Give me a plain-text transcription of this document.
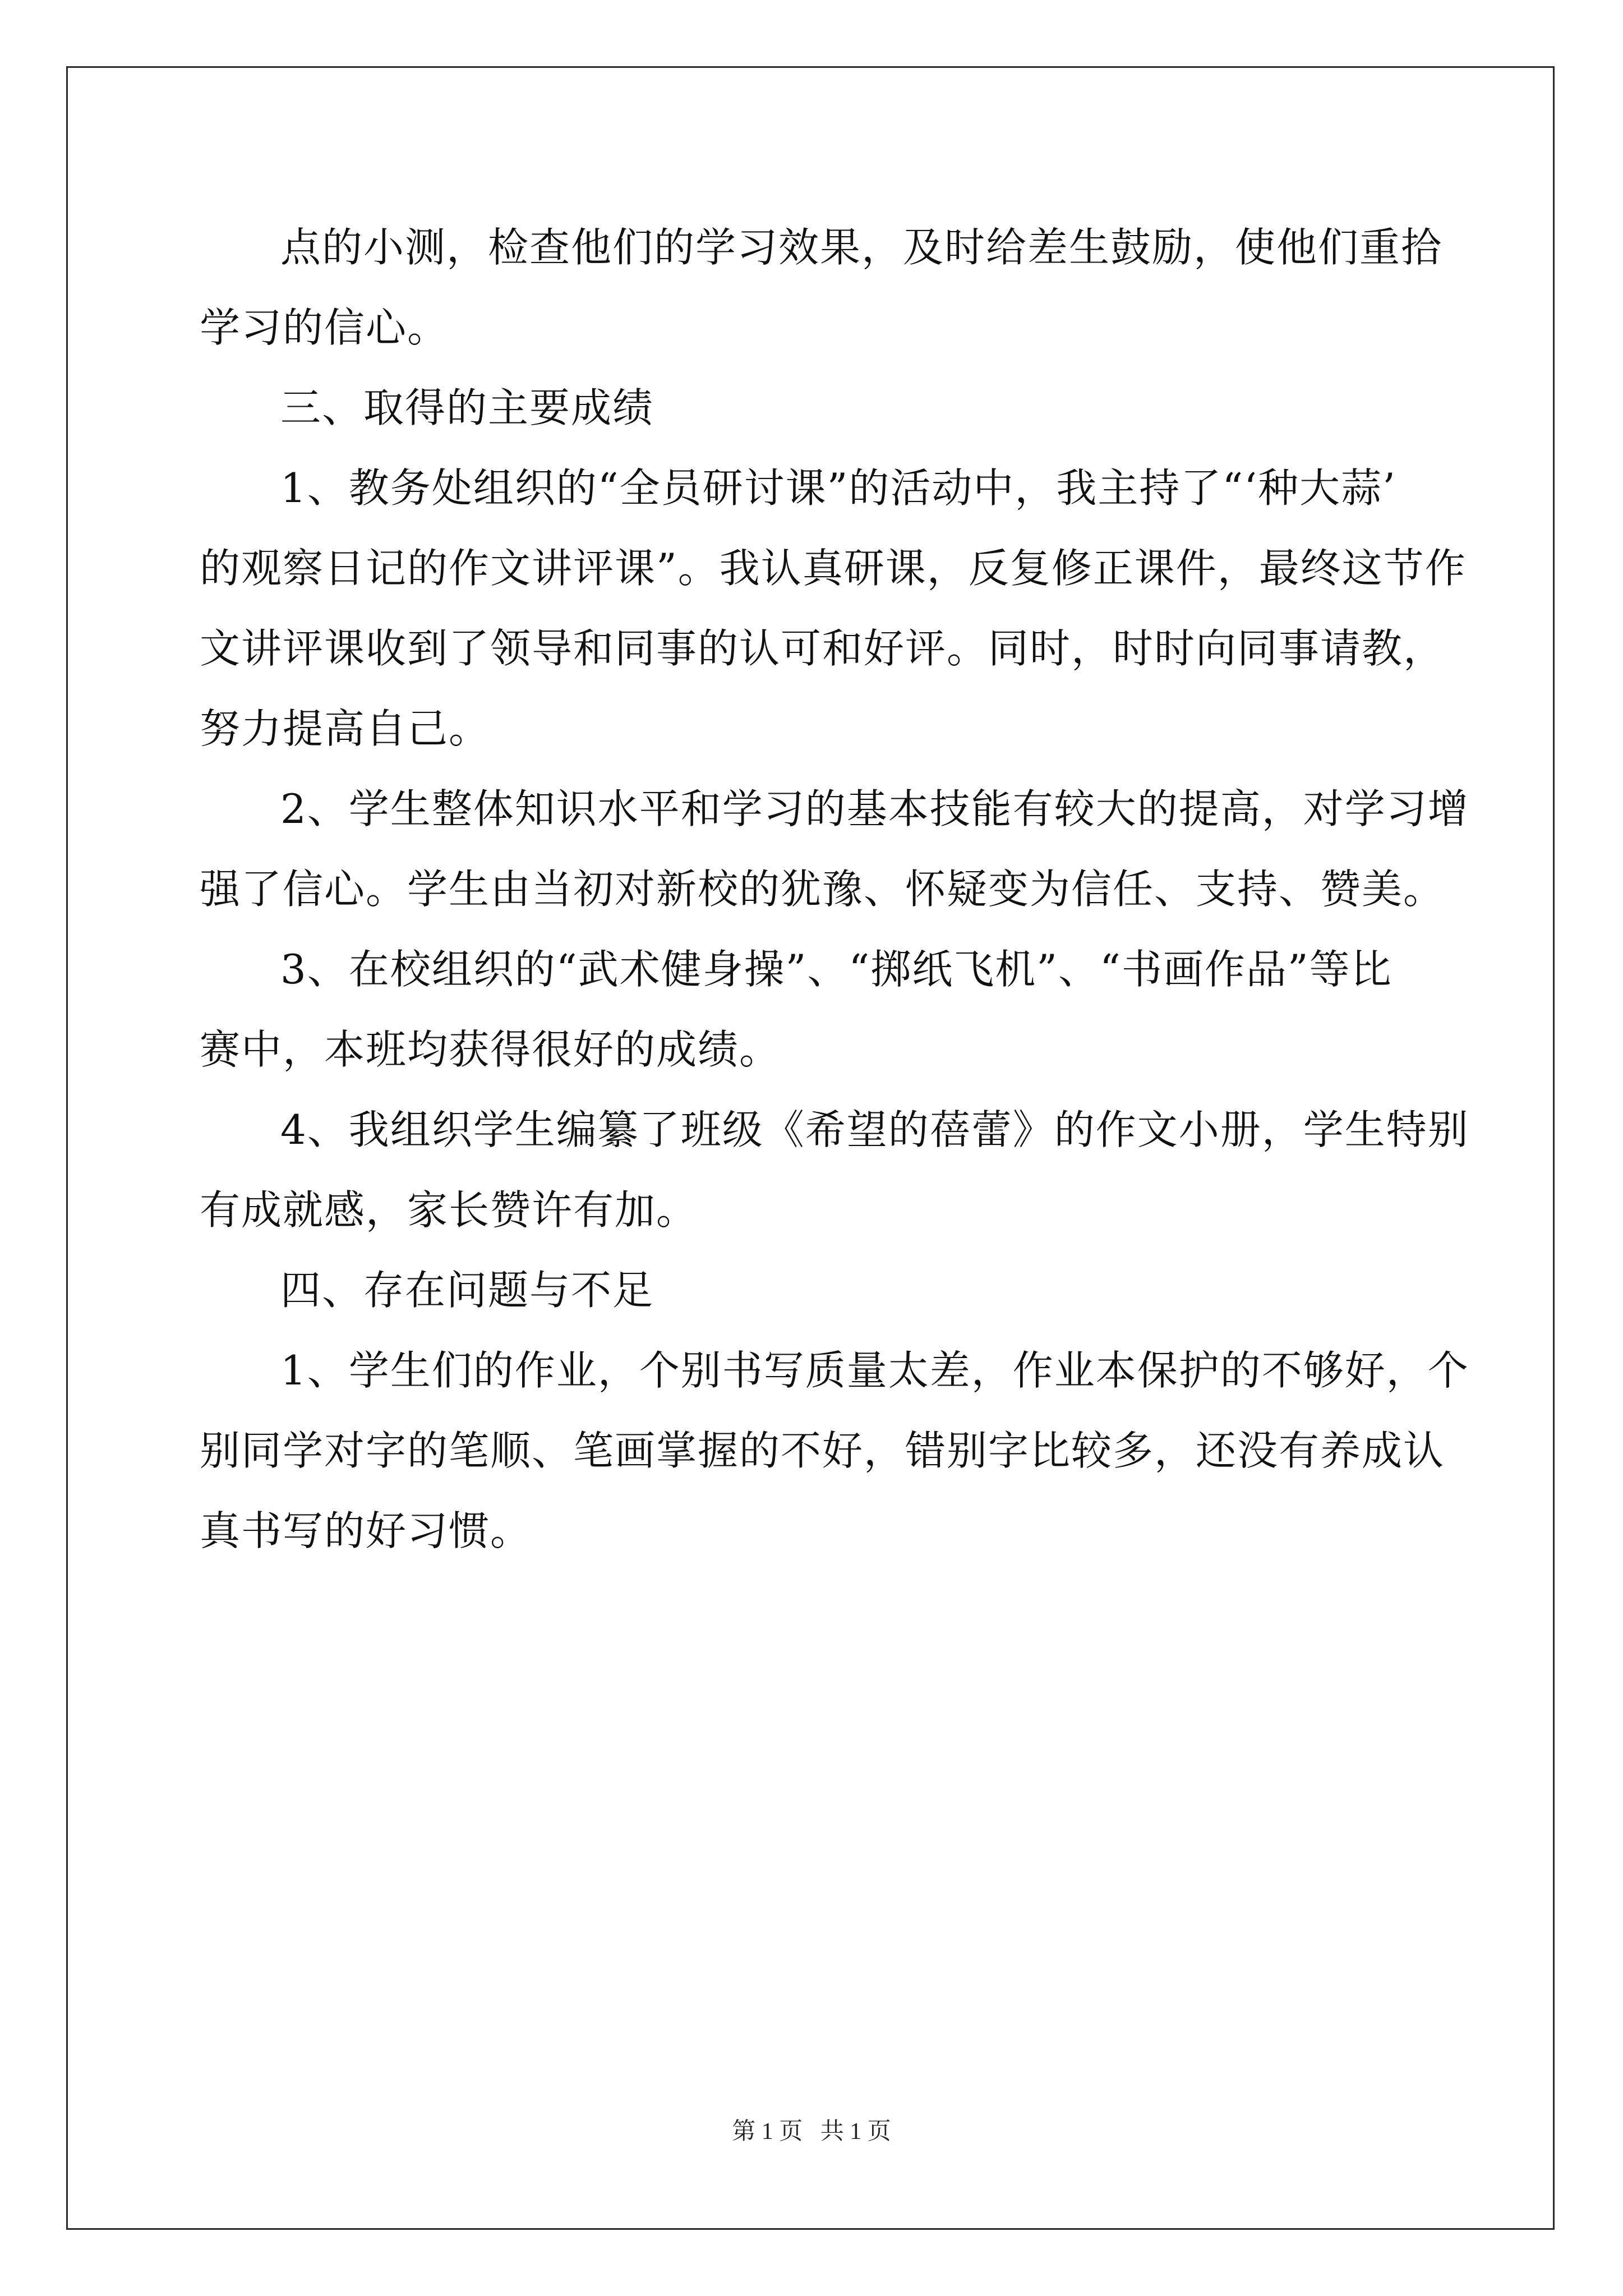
点的小测，检查他们的学习效果，及时给差生鼓励，使他们重拾
学习的信心。
三、取得的主要成绩
1、教务处组织的“全员研讨课”的活动中，我主持了“‘种大蒜’
的观察日记的作文讲评课”。我认真研课，反复修正课件，最终这节作
文讲评课收到了领导和同事的认可和好评。同时，时时向同事请教，
努力提高自己。
2、学生整体知识水平和学习的基本技能有较大的提高，对学习增
强了信心。学生由当初对新校的犹豫、怀疑变为信任、支持、赞美。
3、在校组织的“武术健身操”、“掷纸飞机”、“书画作品”等比
赛中，本班均获得很好的成绩。
4、我组织学生编纂了班级《希望的蓓蕾》的作文小册，学生特别
有成就感，家长赞许有加。
四、存在问题与不足
1、学生们的作业，个别书写质量太差，作业本保护的不够好，个
别同学对字的笔顺、笔画掌握的不好，错别字比较多，还没有养成认
真书写的好习惯。
第 1 页   共 1 页
